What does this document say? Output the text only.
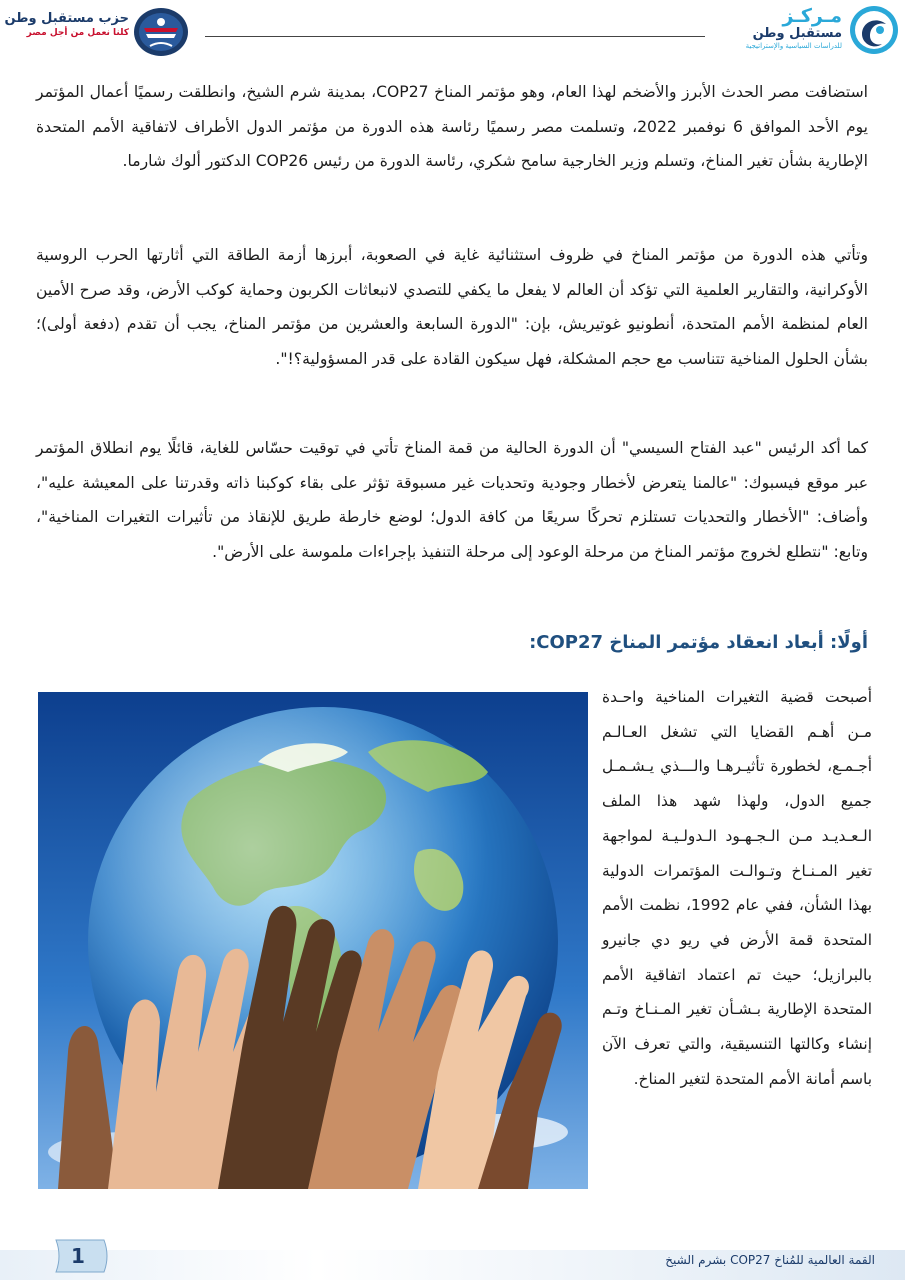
مـركـز
مستقبل وطن
للدراسات السياسية والإستراتيجية
حزب مستقبل وطن
كلنا نعمل من أجل مصر

استضافت مصر الحدث الأبرز والأضخم لهذا العام، وهو مؤتمر المناخ COP27، بمدينة شرم الشيخ، وانطلقت رسميًا أعمال المؤتمر يوم الأحد الموافق 6 نوفمبر 2022، وتسلمت مصر رسميًا رئاسة هذه الدورة من مؤتمر الدول الأطراف لاتفاقية الأمم المتحدة الإطارية بشأن تغير المناخ، وتسلم وزير الخارجية سامح شكري، رئاسة الدورة من رئيس COP26 الدكتور ألوك شارما.

وتأتي هذه الدورة من مؤتمر المناخ في ظروف استثنائية غاية في الصعوبة، أبرزها أزمة الطاقة التي أثارتها الحرب الروسية الأوكرانية، والتقارير العلمية التي تؤكد أن العالم لا يفعل ما يكفي للتصدي لانبعاثات الكربون وحماية كوكب الأرض، وقد صرح الأمين العام لمنظمة الأمم المتحدة، أنطونيو غوتيريش، بإن: "الدورة السابعة والعشرين من مؤتمر المناخ، يجب أن تقدم (دفعة أولى)؛ بشأن الحلول المناخية تتناسب مع حجم المشكلة، فهل سيكون القادة على قدر المسؤولية؟!".

كما أكد الرئيس "عبد الفتاح السيسي" أن الدورة الحالية من قمة المناخ تأتي في توقيت حسّاس للغاية، قائلًا يوم انطلاق المؤتمر عبر موقع فيسبوك: "عالمنا يتعرض لأخطار وجودية وتحديات غير مسبوقة تؤثر على بقاء كوكبنا ذاته وقدرتنا على المعيشة عليه"، وأضاف: "الأخطار والتحديات تستلزم تحركًا سريعًا من كافة الدول؛ لوضع خارطة طريق للإنقاذ من تأثيرات التغيرات المناخية"، وتابع: "نتطلع لخروج مؤتمر المناخ من مرحلة الوعود إلى مرحلة التنفيذ بإجراءات ملموسة على الأرض".

أولًا: أبعاد انعقاد مؤتمر المناخ COP27:

أصبحت قضية التغيرات المناخية واحـدة مـن أهـم القضايا التي تشغل العـالـم أجـمـع، لخطورة تأثيـرهـا والـــذي يـشـمـل جميع الدول، ولهذا شهد هذا الملف الـعـديـد مـن الـجـهـود الـدولـيـة لمواجهة تغير المـنـاخ وتـوالـت المؤتمرات الدولية بهذا الشأن، ففي عام 1992، نظمت الأمم المتحدة قمة الأرض في ريو دي جانيرو بالبرازيل؛ حيث تم اعتماد اتفاقية الأمم المتحدة الإطارية بـشـأن تغير المـنـاخ وتـم إنشاء وكالتها التنسيقية، والتي تعرف الآن باسم أمانة الأمم المتحدة لتغير المناخ.

1	القمة العالمية للمُناخ COP27 بشرم الشيخ
